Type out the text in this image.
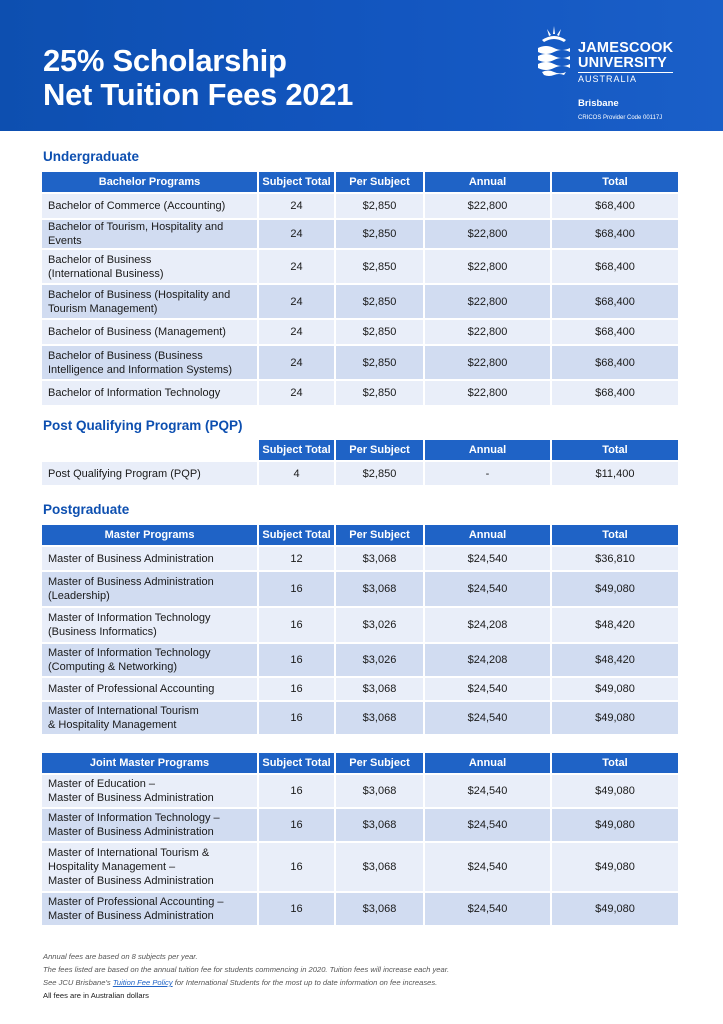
25% Scholarship
Net Tuition Fees 2021
JAMESCOOK
UNIVERSITY
AUSTRALIA
Brisbane
CRICOS Provider Code 00117J
Undergraduate
Bachelor Programs	Subject Total	Per Subject	Annual	Total
Bachelor of Commerce (Accounting)	24	$2,850	$22,800	$68,400
Bachelor of Tourism, Hospitality and Events	24	$2,850	$22,800	$68,400
Bachelor of Business
(International Business)	24	$2,850	$22,800	$68,400
Bachelor of Business (Hospitality and
Tourism Management)	24	$2,850	$22,800	$68,400
Bachelor of Business (Management)	24	$2,850	$22,800	$68,400
Bachelor of Business (Business
Intelligence and Information Systems)	24	$2,850	$22,800	$68,400
Bachelor of Information Technology	24	$2,850	$22,800	$68,400
Post Qualifying Program (PQP)
	Subject Total	Per Subject	Annual	Total
Post Qualifying Program (PQP)	4	$2,850	-	$11,400
Postgraduate
Master Programs	Subject Total	Per Subject	Annual	Total
Master of Business Administration	12	$3,068	$24,540	$36,810
Master of Business Administration
(Leadership)	16	$3,068	$24,540	$49,080
Master of Information Technology
(Business Informatics)	16	$3,026	$24,208	$48,420
Master of Information Technology
(Computing & Networking)	16	$3,026	$24,208	$48,420
Master of Professional Accounting	16	$3,068	$24,540	$49,080
Master of International Tourism
& Hospitality Management	16	$3,068	$24,540	$49,080
Joint Master Programs	Subject Total	Per Subject	Annual	Total
Master of Education –
Master of Business Administration	16	$3,068	$24,540	$49,080
Master of Information Technology –
Master of Business Administration	16	$3,068	$24,540	$49,080
Master of International Tourism &
Hospitality Management –
Master of Business Administration	16	$3,068	$24,540	$49,080
Master of Professional Accounting –
Master of Business Administration	16	$3,068	$24,540	$49,080
Annual fees are based on 8 subjects per year.
The fees listed are based on the annual tuition fee for students commencing in 2020. Tuition fees will increase each year.
See JCU Brisbane's Tuition Fee Policy for International Students for the most up to date information on fee increases.
All fees are in Australian dollars
